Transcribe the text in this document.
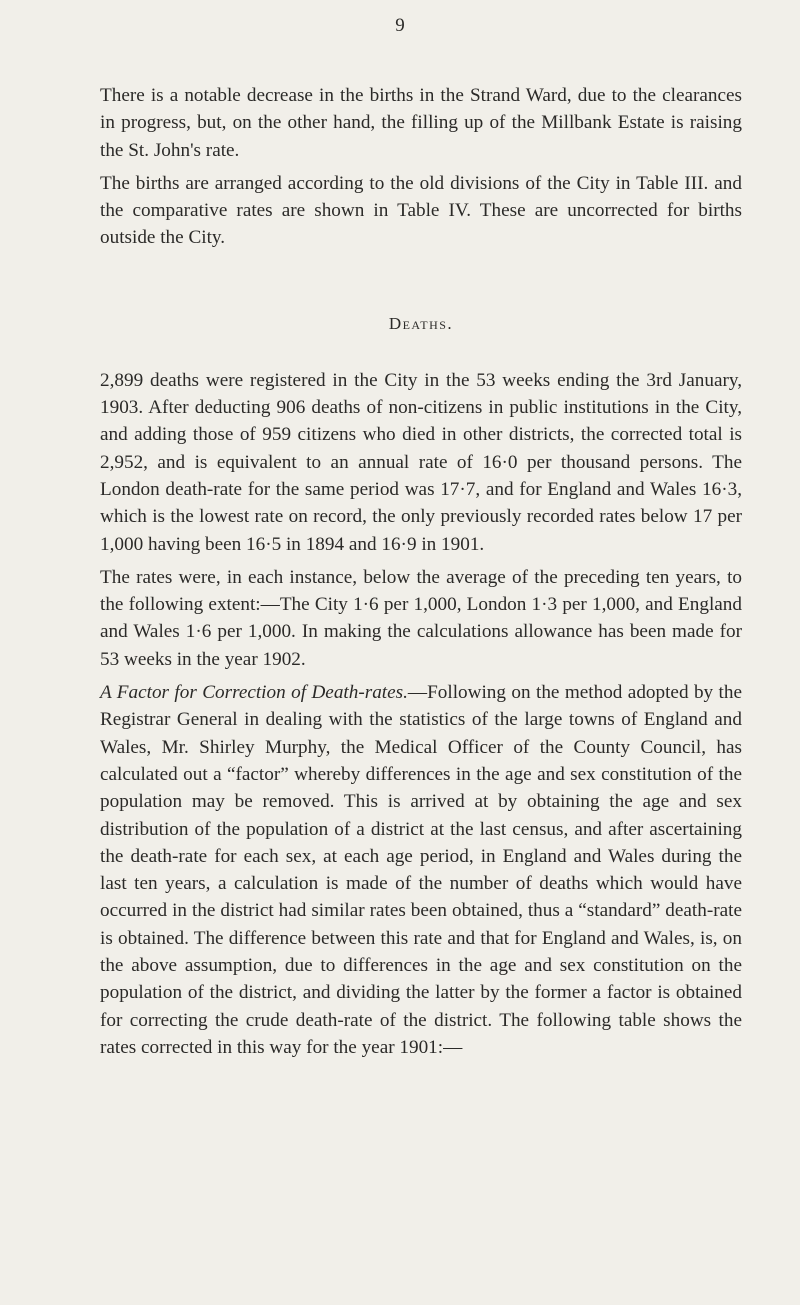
9

There is a notable decrease in the births in the Strand Ward, due to the clearances in progress, but, on the other hand, the filling up of the Millbank Estate is raising the St. John's rate.

The births are arranged according to the old divisions of the City in Table III. and the comparative rates are shown in Table IV. These are uncorrected for births outside the City.

Deaths.

2,899 deaths were registered in the City in the 53 weeks ending the 3rd January, 1903. After deducting 906 deaths of non-citizens in public institutions in the City, and adding those of 959 citizens who died in other districts, the corrected total is 2,952, and is equivalent to an annual rate of 16·0 per thousand persons. The London death-rate for the same period was 17·7, and for England and Wales 16·3, which is the lowest rate on record, the only previously recorded rates below 17 per 1,000 having been 16·5 in 1894 and 16·9 in 1901.

The rates were, in each instance, below the average of the preceding ten years, to the following extent:—The City 1·6 per 1,000, London 1·3 per 1,000, and England and Wales 1·6 per 1,000. In making the calculations allowance has been made for 53 weeks in the year 1902.

A Factor for Correction of Death-rates.—Following on the method adopted by the Registrar General in dealing with the statistics of the large towns of England and Wales, Mr. Shirley Murphy, the Medical Officer of the County Council, has calculated out a “factor” whereby differences in the age and sex constitution of the population may be removed. This is arrived at by obtaining the age and sex distribution of the population of a district at the last census, and after ascertaining the death-rate for each sex, at each age period, in England and Wales during the last ten years, a calculation is made of the number of deaths which would have occurred in the district had similar rates been obtained, thus a “standard” death-rate is obtained. The difference between this rate and that for England and Wales, is, on the above assumption, due to differences in the age and sex constitution on the population of the district, and dividing the latter by the former a factor is obtained for correcting the crude death-rate of the district. The following table shows the rates corrected in this way for the year 1901:—
